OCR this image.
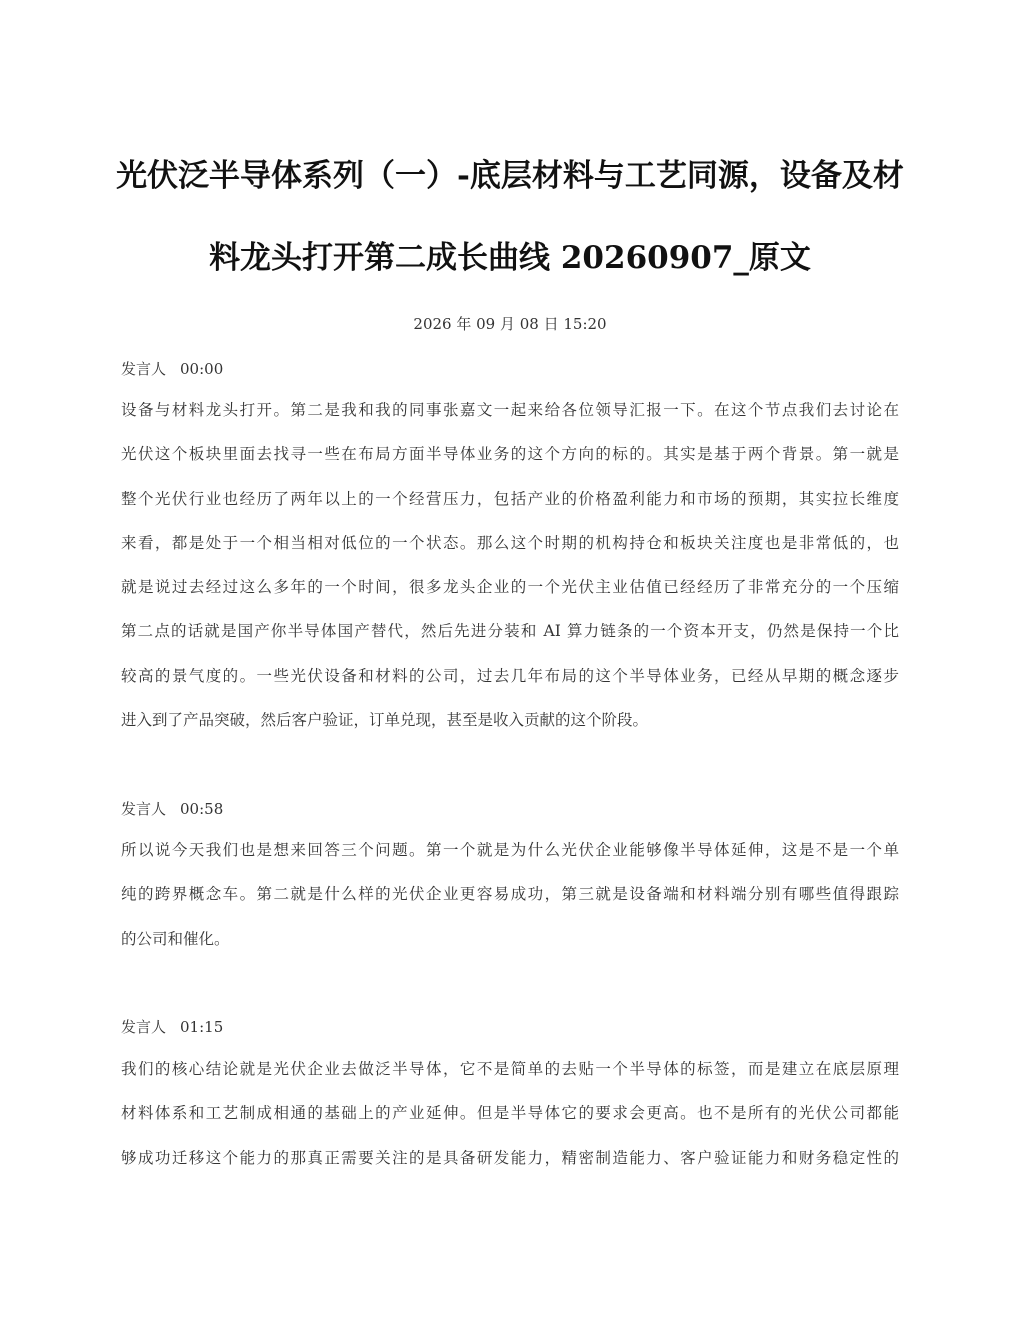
光伏泛半导体系列（一）-底层材料与工艺同源，设备及材
料龙头打开第二成长曲线 20260907_原文
2026 年 09 月 08 日 15:20
发言人 00:00
设备与材料龙头打开。第二是我和我的同事张嘉文一起来给各位领导汇报一下。在这个节点我们去讨论在
光伏这个板块里面去找寻一些在布局方面半导体业务的这个方向的标的。其实是基于两个背景。第一就是
整个光伏行业也经历了两年以上的一个经营压力，包括产业的价格盈利能力和市场的预期，其实拉长维度
来看，都是处于一个相当相对低位的一个状态。那么这个时期的机构持仓和板块关注度也是非常低的，也
就是说过去经过这么多年的一个时间，很多龙头企业的一个光伏主业估值已经经历了非常充分的一个压缩
第二点的话就是国产你半导体国产替代，然后先进分装和 AI 算力链条的一个资本开支，仍然是保持一个比
较高的景气度的。一些光伏设备和材料的公司，过去几年布局的这个半导体业务，已经从早期的概念逐步
进入到了产品突破，然后客户验证，订单兑现，甚至是收入贡献的这个阶段。
发言人 00:58
所以说今天我们也是想来回答三个问题。第一个就是为什么光伏企业能够像半导体延伸，这是不是一个单
纯的跨界概念车。第二就是什么样的光伏企业更容易成功，第三就是设备端和材料端分别有哪些值得跟踪
的公司和催化。
发言人 01:15
我们的核心结论就是光伏企业去做泛半导体，它不是简单的去贴一个半导体的标签，而是建立在底层原理
材料体系和工艺制成相通的基础上的产业延伸。但是半导体它的要求会更高。也不是所有的光伏公司都能
够成功迁移这个能力的那真正需要关注的是具备研发能力，精密制造能力、客户验证能力和财务稳定性的
